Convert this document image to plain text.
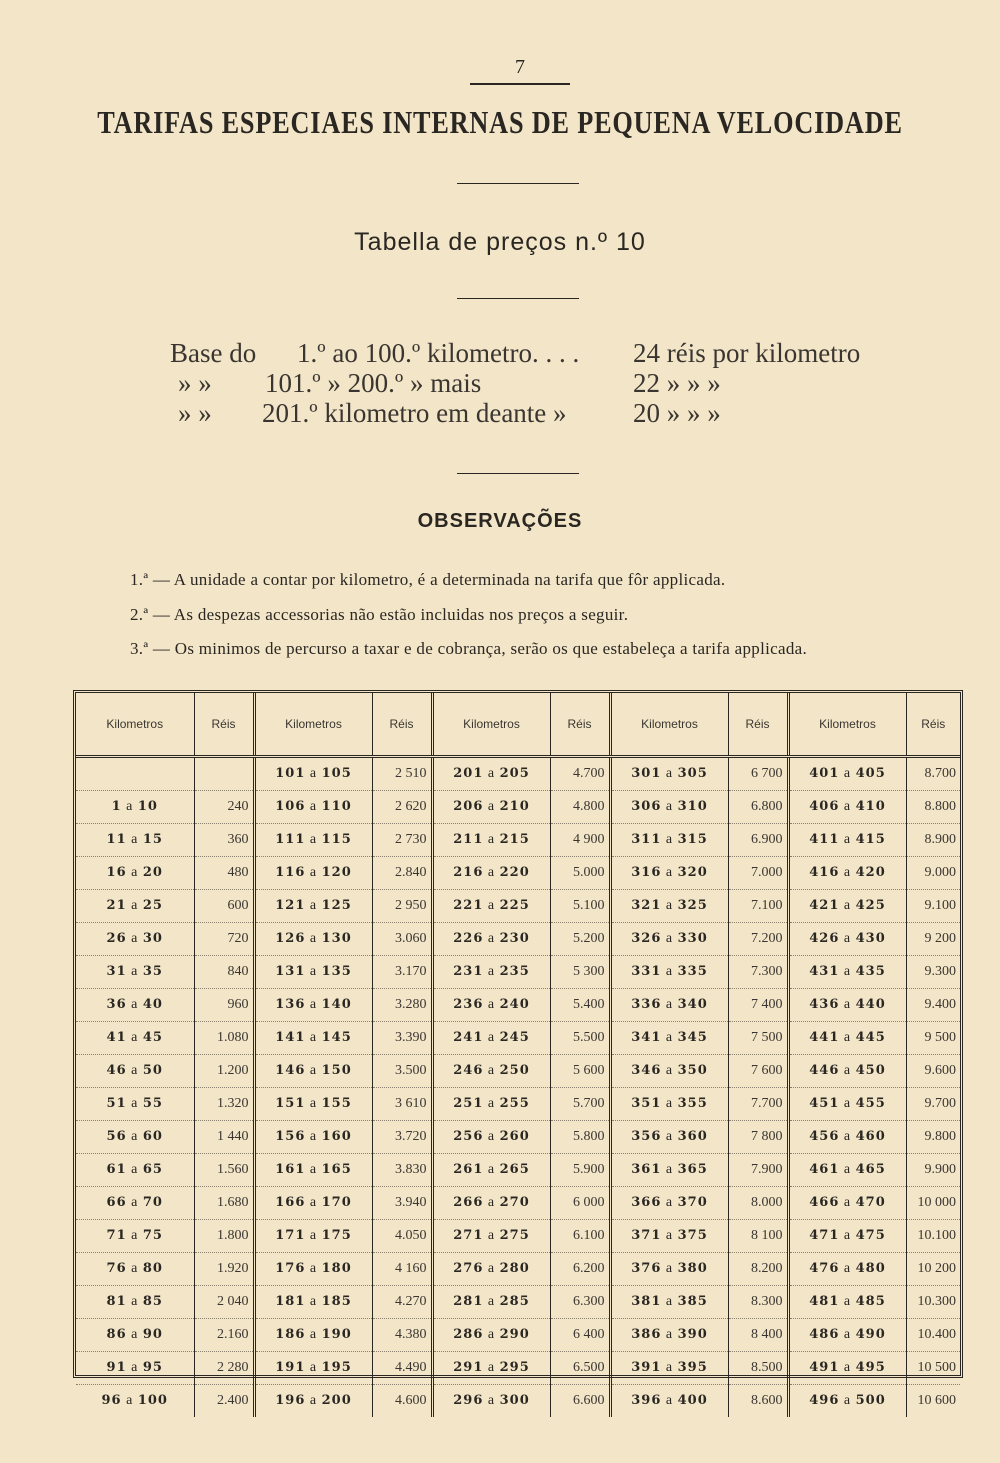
7
TARIFAS ESPECIAES INTERNAS DE PEQUENA VELOCIDADE
Tabella de preços n.º 10
Base do 1.º ao 100.º kilometro. . . . 24 réis por kilometro
» » 101.º » 200.º » mais	22 » » »
» » 201.º kilometro em deante » 20 » » »
OBSERVAÇÕES
1.ª — A unidade a contar por kilometro, é a determinada na tarifa que fôr applicada.
2.ª — As despezas accessorias não estão incluidas nos preços a seguir.
3.ª — Os minimos de percurso a taxar e de cobrança, serão os que estabeleça a tarifa applicada.
Kilometros	Réis	Kilometros	Réis	Kilometros	Réis	Kilometros	Réis	Kilometros	Réis
		101 a 105	2 510	201 a 205	4.700	301 a 305	6 700	401 a 405	8.700
1 a 10	240	106 a 110	2 620	206 a 210	4.800	306 a 310	6.800	406 a 410	8.800
11 a 15	360	111 a 115	2 730	211 a 215	4 900	311 a 315	6.900	411 a 415	8.900
16 a 20	480	116 a 120	2.840	216 a 220	5.000	316 a 320	7.000	416 a 420	9.000
21 a 25	600	121 a 125	2 950	221 a 225	5.100	321 a 325	7.100	421 a 425	9.100
26 a 30	720	126 a 130	3.060	226 a 230	5.200	326 a 330	7.200	426 a 430	9 200
31 a 35	840	131 a 135	3.170	231 a 235	5 300	331 a 335	7.300	431 a 435	9.300
36 a 40	960	136 a 140	3.280	236 a 240	5.400	336 a 340	7 400	436 a 440	9.400
41 a 45	1.080	141 a 145	3.390	241 a 245	5.500	341 a 345	7 500	441 a 445	9 500
46 a 50	1.200	146 a 150	3.500	246 a 250	5 600	346 a 350	7 600	446 a 450	9.600
51 a 55	1.320	151 a 155	3 610	251 a 255	5.700	351 a 355	7.700	451 a 455	9.700
56 a 60	1 440	156 a 160	3.720	256 a 260	5.800	356 a 360	7 800	456 a 460	9.800
61 a 65	1.560	161 a 165	3.830	261 a 265	5.900	361 a 365	7.900	461 a 465	9.900
66 a 70	1.680	166 a 170	3.940	266 a 270	6 000	366 a 370	8.000	466 a 470	10 000
71 a 75	1.800	171 a 175	4.050	271 a 275	6.100	371 a 375	8 100	471 a 475	10.100
76 a 80	1.920	176 a 180	4 160	276 a 280	6.200	376 a 380	8.200	476 a 480	10 200
81 a 85	2 040	181 a 185	4.270	281 a 285	6.300	381 a 385	8.300	481 a 485	10.300
86 a 90	2.160	186 a 190	4.380	286 a 290	6 400	386 a 390	8 400	486 a 490	10.400
91 a 95	2 280	191 a 195	4.490	291 a 295	6.500	391 a 395	8.500	491 a 495	10 500
96 a 100	2.400	196 a 200	4.600	296 a 300	6.600	396 a 400	8.600	496 a 500	10 600
